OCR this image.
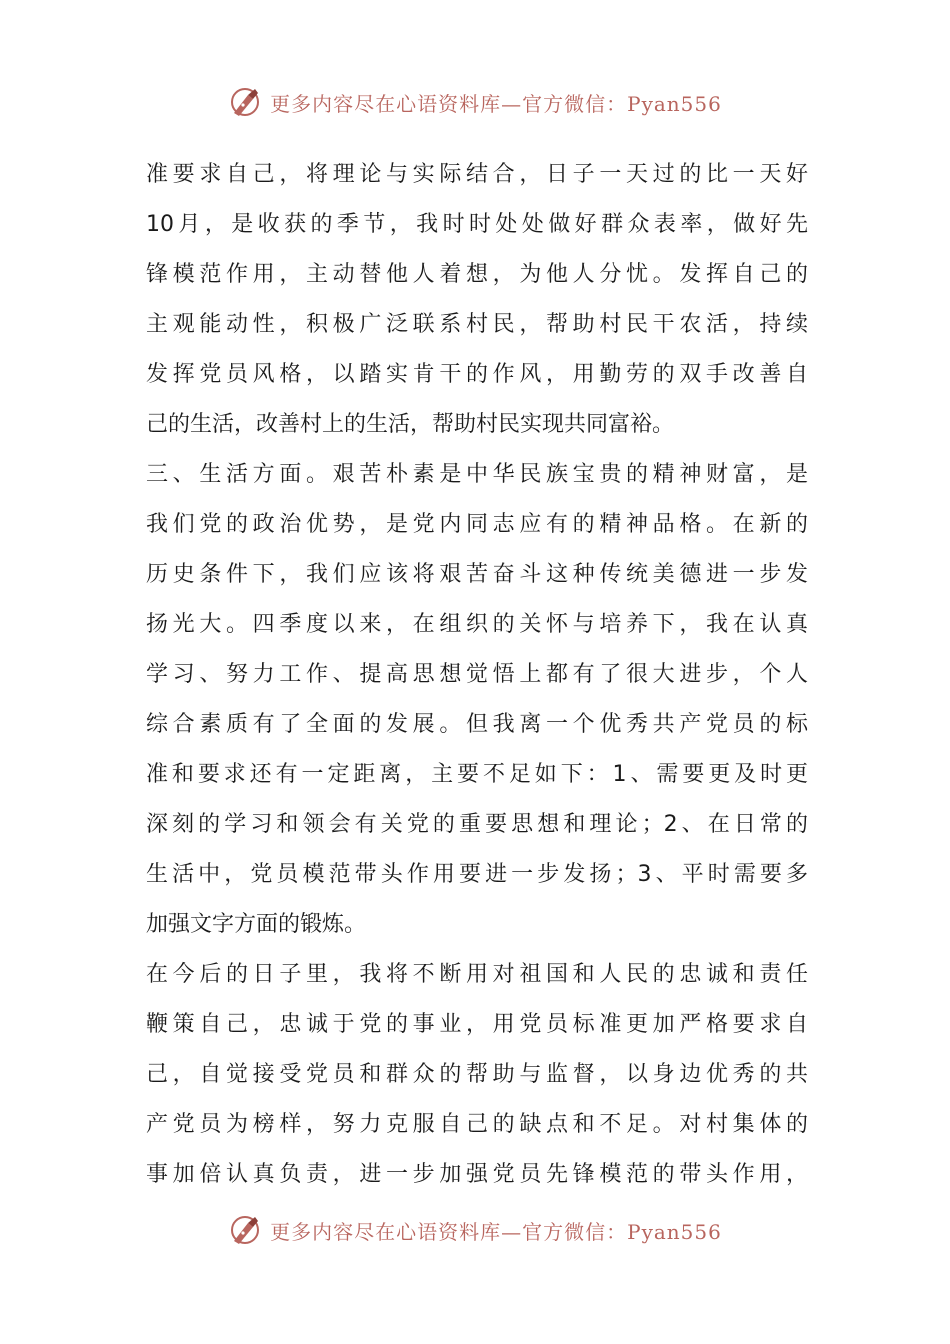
更多内容尽在心语资料库—官方微信：Pyan556
准要求自己，将理论与实际结合，日子一天过的比一天好
10月，是收获的季节，我时时处处做好群众表率，做好先
锋模范作用，主动替他人着想，为他人分忧。发挥自己的
主观能动性，积极广泛联系村民，帮助村民干农活，持续
发挥党员风格，以踏实肯干的作风，用勤劳的双手改善自
己的生活，改善村上的生活，帮助村民实现共同富裕。
三、生活方面。艰苦朴素是中华民族宝贵的精神财富，是
我们党的政治优势，是党内同志应有的精神品格。在新的
历史条件下，我们应该将艰苦奋斗这种传统美德进一步发
扬光大。四季度以来，在组织的关怀与培养下，我在认真
学习、努力工作、提高思想觉悟上都有了很大进步，个人
综合素质有了全面的发展。但我离一个优秀共产党员的标
准和要求还有一定距离，主要不足如下：1、需要更及时更
深刻的学习和领会有关党的重要思想和理论；2、在日常的
生活中，党员模范带头作用要进一步发扬；3、平时需要多
加强文字方面的锻炼。
在今后的日子里，我将不断用对祖国和人民的忠诚和责任
鞭策自己，忠诚于党的事业，用党员标准更加严格要求自
己，自觉接受党员和群众的帮助与监督，以身边优秀的共
产党员为榜样，努力克服自己的缺点和不足。对村集体的
事加倍认真负责，进一步加强党员先锋模范的带头作用，
更多内容尽在心语资料库—官方微信：Pyan556
